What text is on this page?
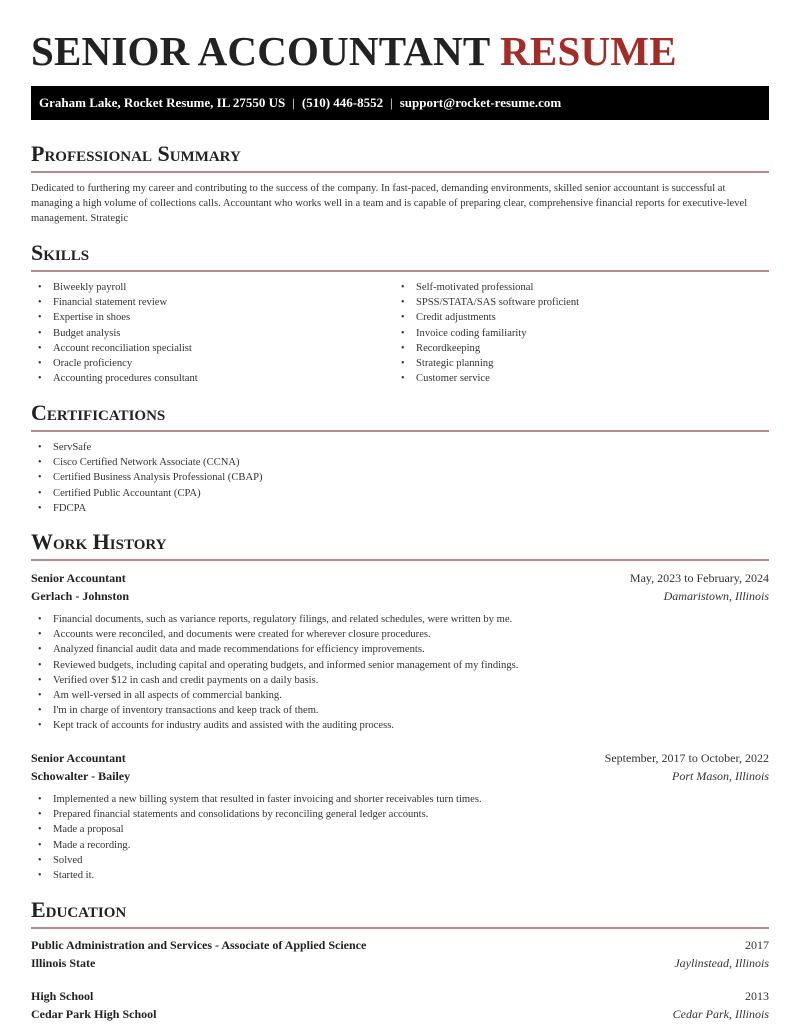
SENIOR ACCOUNTANT RESUME
Graham Lake, Rocket Resume, IL 27550 US | (510) 446-8552 | support@rocket-resume.com
Professional Summary
Dedicated to furthering my career and contributing to the success of the company. In fast-paced, demanding environments, skilled senior accountant is successful at managing a high volume of collections calls. Accountant who works well in a team and is capable of preparing clear, comprehensive financial reports for executive-level management. Strategic
Skills
• Biweekly payroll
• Financial statement review
• Expertise in shoes
• Budget analysis
• Account reconciliation specialist
• Oracle proficiency
• Accounting procedures consultant
• Self-motivated professional
• SPSS/STATA/SAS software proficient
• Credit adjustments
• Invoice coding familiarity
• Recordkeeping
• Strategic planning
• Customer service
Certifications
• ServSafe
• Cisco Certified Network Associate (CCNA)
• Certified Business Analysis Professional (CBAP)
• Certified Public Accountant (CPA)
• FDCPA
Work History
Senior Accountant	May, 2023 to February, 2024
Gerlach - Johnston	Damaristown, Illinois
• Financial documents, such as variance reports, regulatory filings, and related schedules, were written by me.
• Accounts were reconciled, and documents were created for wherever closure procedures.
• Analyzed financial audit data and made recommendations for efficiency improvements.
• Reviewed budgets, including capital and operating budgets, and informed senior management of my findings.
• Verified over $12 in cash and credit payments on a daily basis.
• Am well-versed in all aspects of commercial banking.
• I'm in charge of inventory transactions and keep track of them.
• Kept track of accounts for industry audits and assisted with the auditing process.
Senior Accountant	September, 2017 to October, 2022
Schowalter - Bailey	Port Mason, Illinois
• Implemented a new billing system that resulted in faster invoicing and shorter receivables turn times.
• Prepared financial statements and consolidations by reconciling general ledger accounts.
• Made a proposal
• Made a recording.
• Solved
• Started it.
Education
Public Administration and Services - Associate of Applied Science	2017
Illinois State	Jaylinstead, Illinois
High School	2013
Cedar Park High School	Cedar Park, Illinois
